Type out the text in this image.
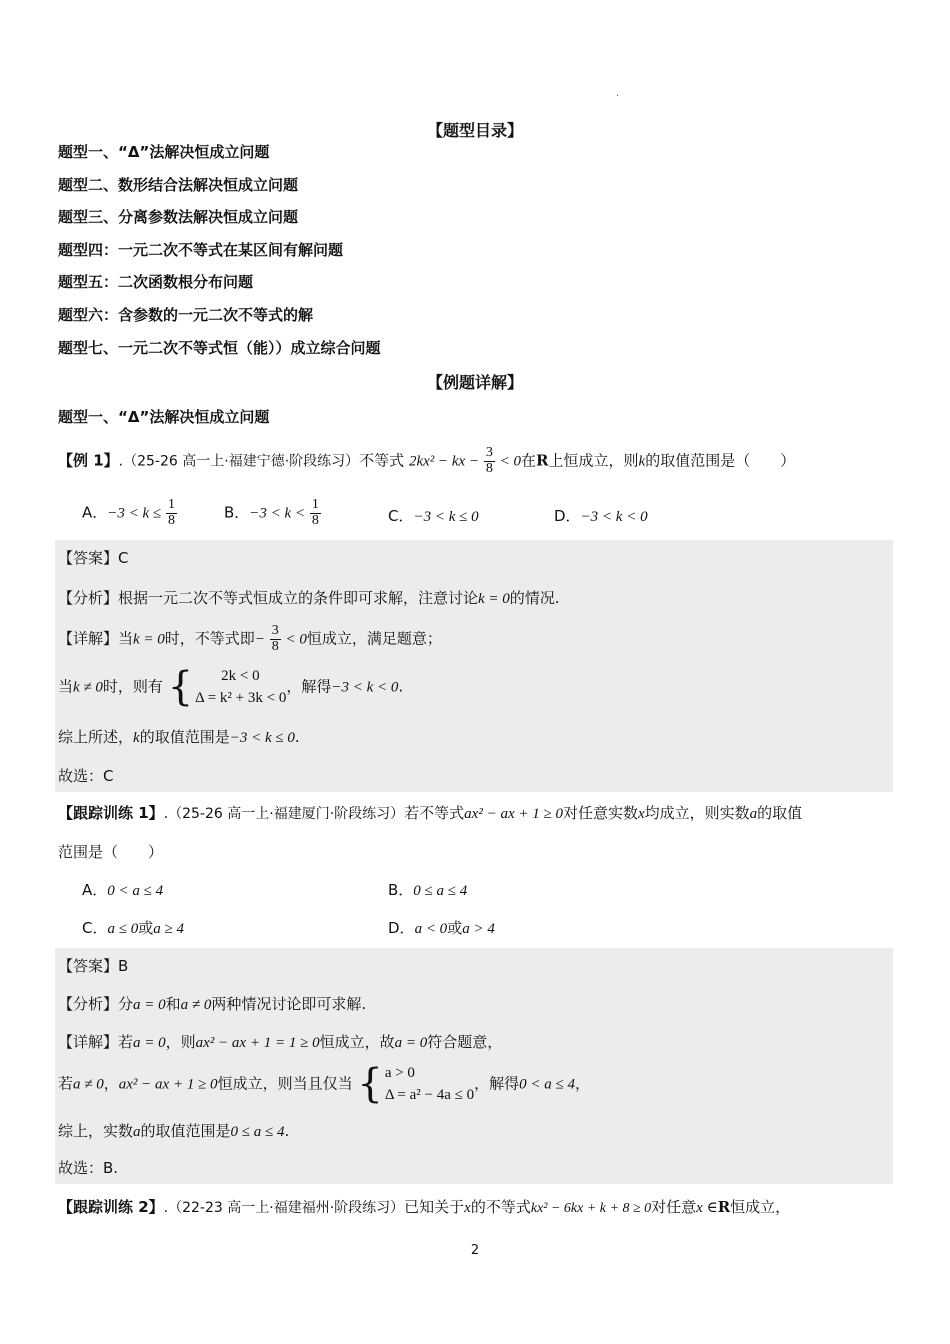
.
【题型目录】
题型一、“Δ”法解决恒成立问题
题型二、数形结合法解决恒成立问题
题型三、分离参数法解决恒成立问题
题型四：一元二次不等式在某区间有解问题
题型五：二次函数根分布问题
题型六：含参数的一元二次不等式的解
题型七、一元二次不等式恒（能））成立综合问题
【例题详解】
题型一、“Δ”法解决恒成立问题
【例 1】.（25-26 高一上·福建宁德·阶段练习）不等式 2kx² − kx − $\frac{3}{8} < 0$在R上恒成立，则k的取值范围是（　　）
A．$-3 < k \le \frac{1}{8}$	B．$-3 < k < \frac{1}{8}$	C．−3 < k ≤ 0	D．−3 < k < 0
【答案】C
【分析】根据一元二次不等式恒成立的条件即可求解，注意讨论k = 0的情况.
【详解】当k = 0时，不等式即− $\frac{3}{8} < 0$恒成立，满足题意；
当k ≠ 0时，则有 {	2k < 0
Δ = k² + 3k < 0
，解得−3 < k < 0.
综上所述，k的取值范围是−3 < k ≤ 0.
故选：C
【跟踪训练 1】.（25-26 高一上·福建厦门·阶段练习）若不等式ax² − ax + 1 ≥ 0对任意实数x均成立，则实数a的取值
范围是（　　）
A．0 < a ≤ 4	B．0 ≤ a ≤ 4
C．a ≤ 0或a ≥ 4	D．a < 0或a > 4
【答案】B
【分析】分a = 0和a ≠ 0两种情况讨论即可求解.
【详解】若a = 0，则ax² − ax + 1 = 1 ≥ 0恒成立，故a = 0符合题意，
若a ≠ 0，ax² − ax + 1 ≥ 0恒成立，则当且仅当 { a > 0
Δ = a² − 4a ≤ 0
，解得0 < a ≤ 4，
综上，实数a的取值范围是0 ≤ a ≤ 4.
故选：B.
【跟踪训练 2】.（22-23 高一上·福建福州·阶段练习）已知关于x的不等式kx² − 6kx + k + 8 ≥ 0对任意x ∈R恒成立，
2
